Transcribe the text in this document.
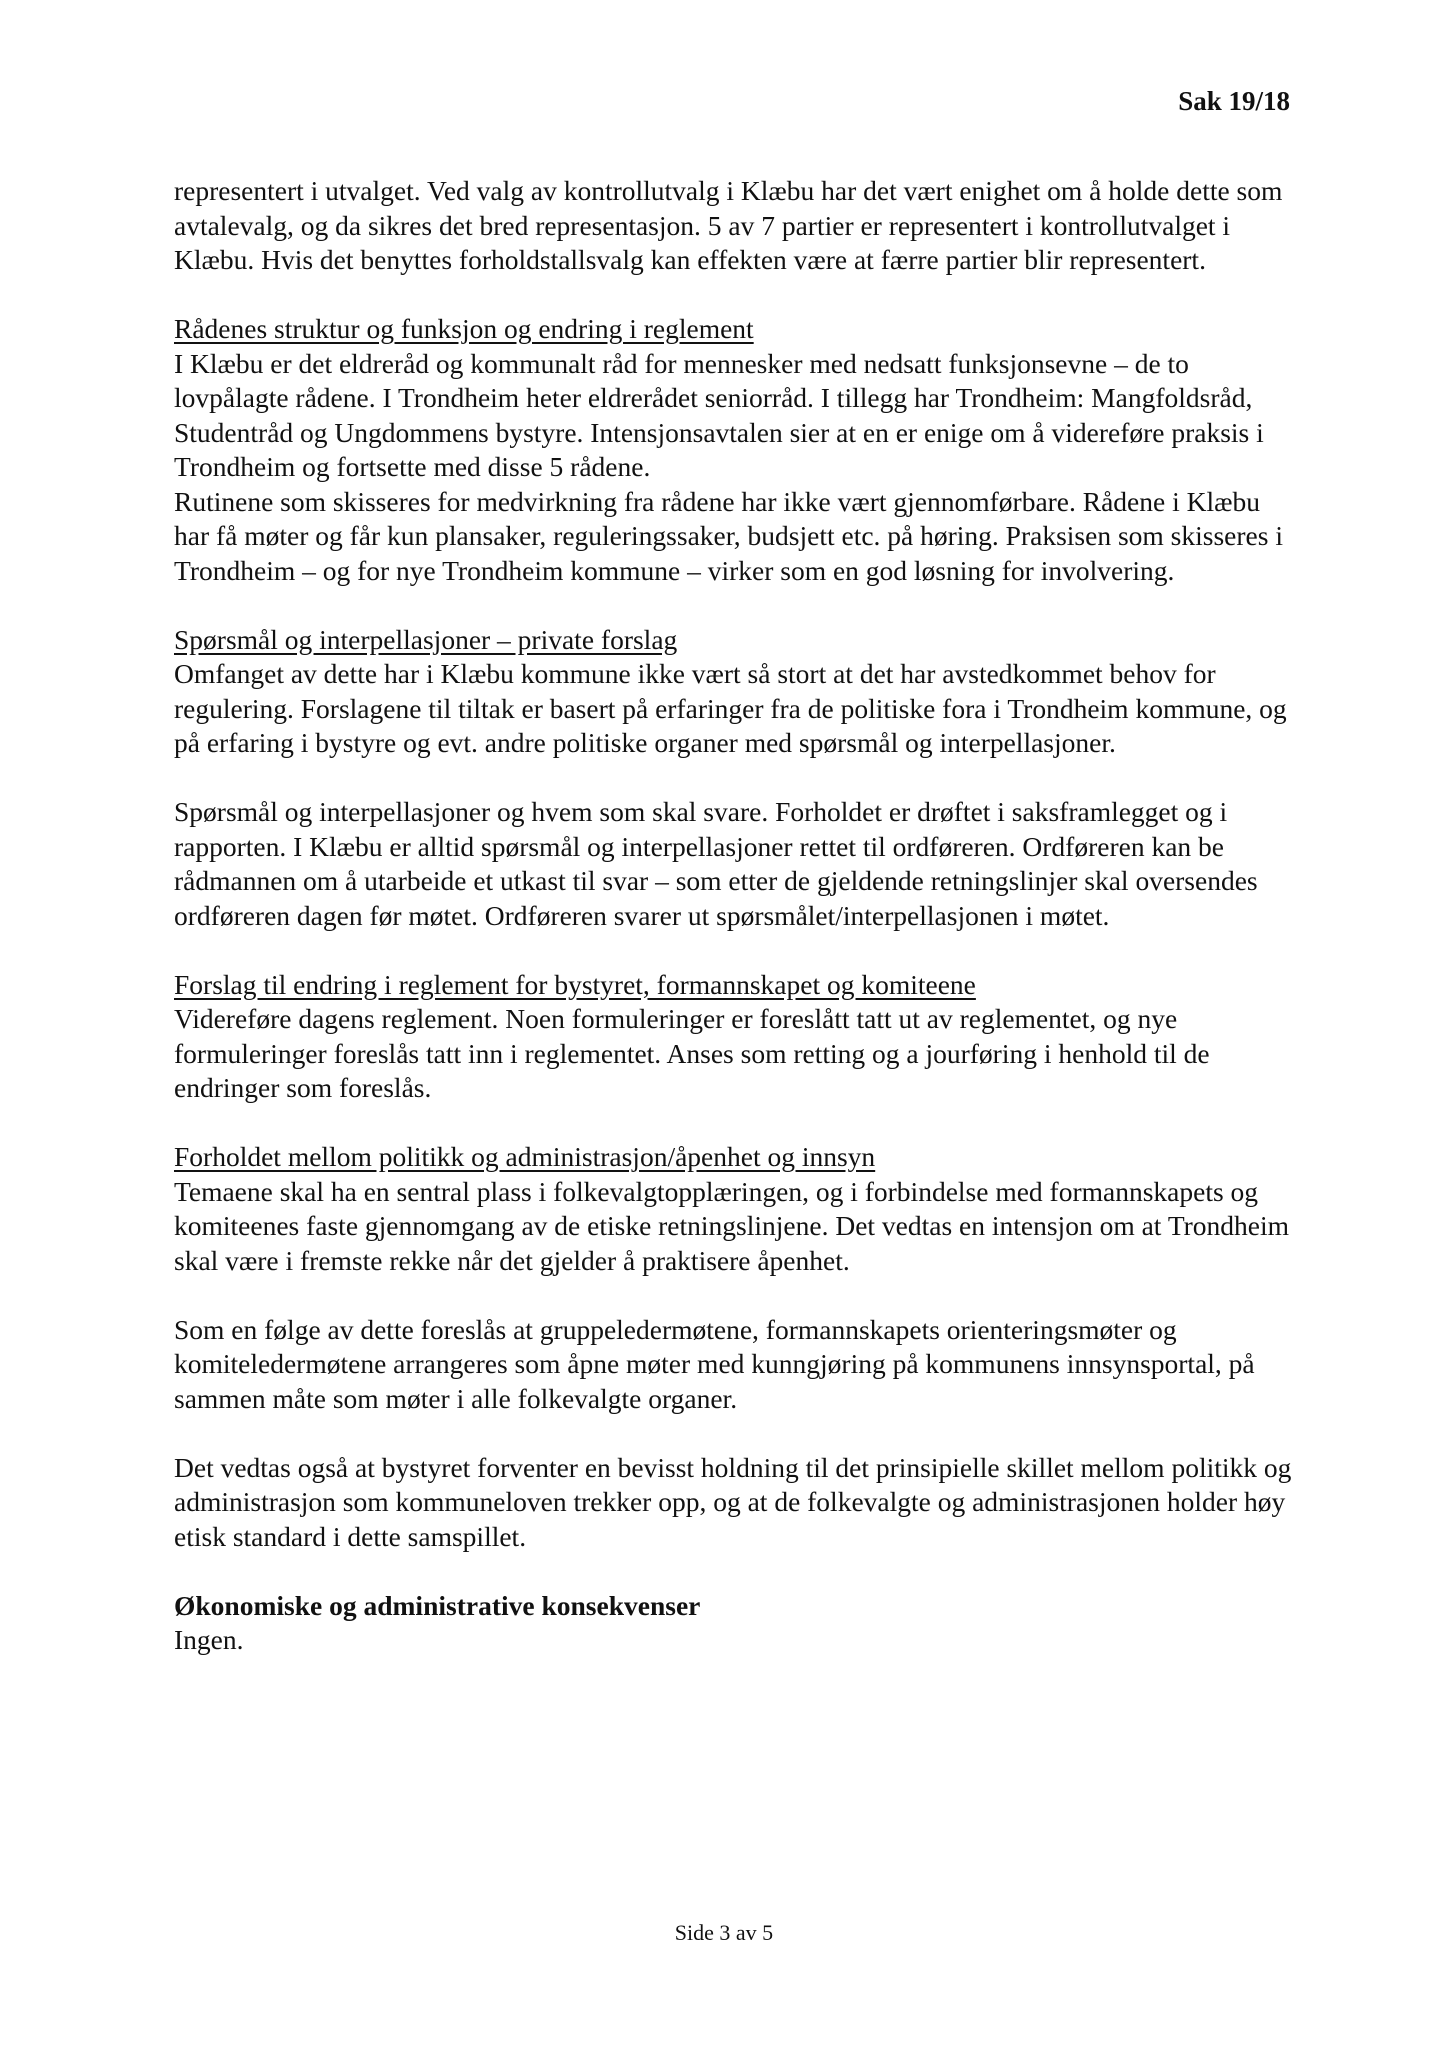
Sak 19/18

representert i utvalget. Ved valg av kontrollutvalg i Klæbu har det vært enighet om å holde dette som avtalevalg, og da sikres det bred representasjon. 5 av 7 partier er representert i kontrollutvalget i Klæbu. Hvis det benyttes forholdstallsvalg kan effekten være at færre partier blir representert.

Rådenes struktur og funksjon og endring i reglement

I Klæbu er det eldreråd og kommunalt råd for mennesker med nedsatt funksjonsevne – de to lovpålagte rådene. I Trondheim heter eldrerådet seniorråd. I tillegg har Trondheim: Mangfoldsråd, Studentråd og Ungdommens bystyre. Intensjonsavtalen sier at en er enige om å videreføre praksis i Trondheim og fortsette med disse 5 rådene.

Rutinene som skisseres for medvirkning fra rådene har ikke vært gjennomførbare. Rådene i Klæbu har få møter og får kun plansaker, reguleringssaker, budsjett etc. på høring. Praksisen som skisseres i Trondheim – og for nye Trondheim kommune – virker som en god løsning for involvering.

Spørsmål og interpellasjoner – private forslag

Omfanget av dette har i Klæbu kommune ikke vært så stort at det har avstedkommet behov for regulering. Forslagene til tiltak er basert på erfaringer fra de politiske fora i Trondheim kommune, og på erfaring i bystyre og evt. andre politiske organer med spørsmål og interpellasjoner.

Spørsmål og interpellasjoner og hvem som skal svare. Forholdet er drøftet i saksframlegget og i rapporten. I Klæbu er alltid spørsmål og interpellasjoner rettet til ordføreren. Ordføreren kan be rådmannen om å utarbeide et utkast til svar – som etter de gjeldende retningslinjer skal oversendes ordføreren dagen før møtet. Ordføreren svarer ut spørsmålet/interpellasjonen i møtet.

Forslag til endring i reglement for bystyret, formannskapet og komiteene

Videreføre dagens reglement. Noen formuleringer er foreslått tatt ut av reglementet, og nye formuleringer foreslås tatt inn i reglementet. Anses som retting og a jourføring i henhold til de endringer som foreslås.

Forholdet mellom politikk og administrasjon/åpenhet og innsyn

Temaene skal ha en sentral plass i folkevalgtopplæringen, og i forbindelse med formannskapets og komiteenes faste gjennomgang av de etiske retningslinjene. Det vedtas en intensjon om at Trondheim skal være i fremste rekke når det gjelder å praktisere åpenhet.

Som en følge av dette foreslås at gruppeledermøtene, formannskapets orienteringsmøter og komiteledermøtene arrangeres som åpne møter med kunngjøring på kommunens innsynsportal, på sammen måte som møter i alle folkevalgte organer.

Det vedtas også at bystyret forventer en bevisst holdning til det prinsipielle skillet mellom politikk og administrasjon som kommuneloven trekker opp, og at de folkevalgte og administrasjonen holder høy etisk standard i dette samspillet.

Økonomiske og administrative konsekvenser

Ingen.

Side 3 av 5
